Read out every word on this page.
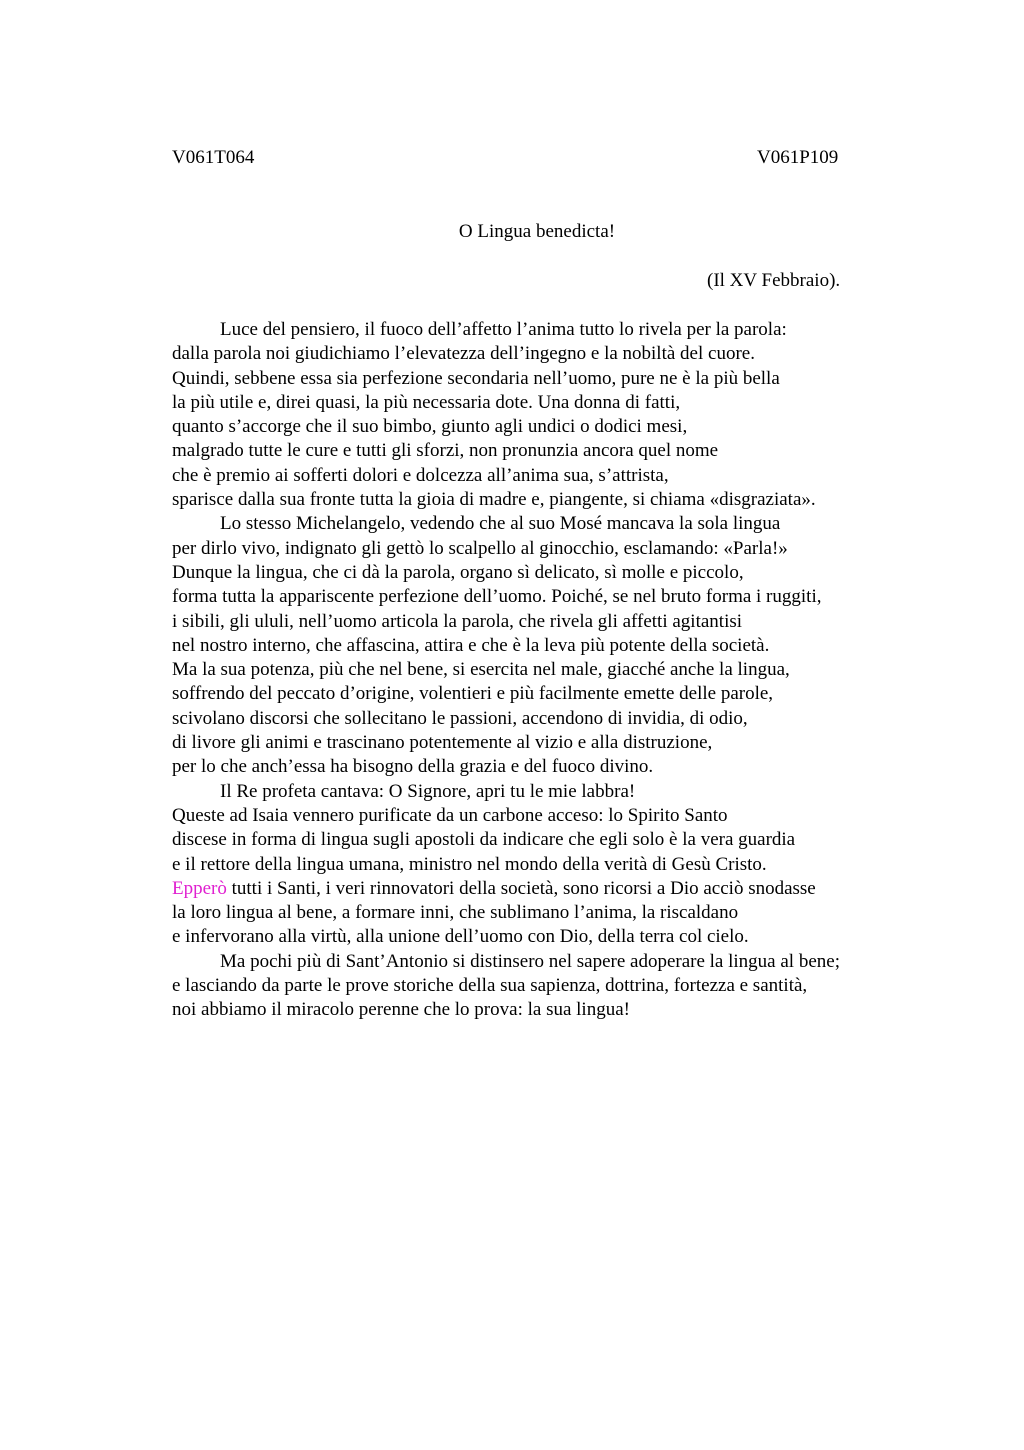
V061T064	V061P109
O Lingua benedicta!
(Il XV Febbraio).
Luce del pensiero, il fuoco dell’affetto l’anima tutto lo rivela per la parola:
dalla parola noi giudichiamo l’elevatezza dell’ingegno e la nobiltà del cuore.
Quindi, sebbene essa sia perfezione secondaria nell’uomo, pure ne è la più bella
la più utile e, direi quasi, la più necessaria dote. Una donna di fatti,
quanto s’accorge che il suo bimbo, giunto agli undici o dodici mesi,
malgrado tutte le cure e tutti gli sforzi, non pronunzia ancora quel nome
che è premio ai sofferti dolori e dolcezza all’anima sua, s’attrista,
sparisce dalla sua fronte tutta la gioia di madre e, piangente, si chiama «disgraziata».
Lo stesso Michelangelo, vedendo che al suo Mosé mancava la sola lingua
per dirlo vivo, indignato gli gettò lo scalpello al ginocchio, esclamando: «Parla!»
Dunque la lingua, che ci dà la parola, organo sì delicato, sì molle e piccolo,
forma tutta la appariscente perfezione dell’uomo. Poiché, se nel bruto forma i ruggiti,
i sibili, gli ululi, nell’uomo articola la parola, che rivela gli affetti agitantisi
nel nostro interno, che affascina, attira e che è la leva più potente della società.
Ma la sua potenza, più che nel bene, si esercita nel male, giacché anche la lingua,
soffrendo del peccato d’origine, volentieri e più facilmente emette delle parole,
scivolano discorsi che sollecitano le passioni, accendono di invidia, di odio,
di livore gli animi e trascinano potentemente al vizio e alla distruzione,
per lo che anch’essa ha bisogno della grazia e del fuoco divino.
Il Re profeta cantava: O Signore, apri tu le mie labbra!
Queste ad Isaia vennero purificate da un carbone acceso: lo Spirito Santo
discese in forma di lingua sugli apostoli da indicare che egli solo è la vera guardia
e il rettore della lingua umana, ministro nel mondo della verità di Gesù Cristo.
Epperò tutti i Santi, i veri rinnovatori della società, sono ricorsi a Dio acciò snodasse
la loro lingua al bene, a formare inni, che sublimano l’anima, la riscaldano
e infervorano alla virtù, alla unione dell’uomo con Dio, della terra col cielo.
Ma pochi più di Sant’Antonio si distinsero nel sapere adoperare la lingua al bene;
e lasciando da parte le prove storiche della sua sapienza, dottrina, fortezza e santità,
noi abbiamo il miracolo perenne che lo prova: la sua lingua!
